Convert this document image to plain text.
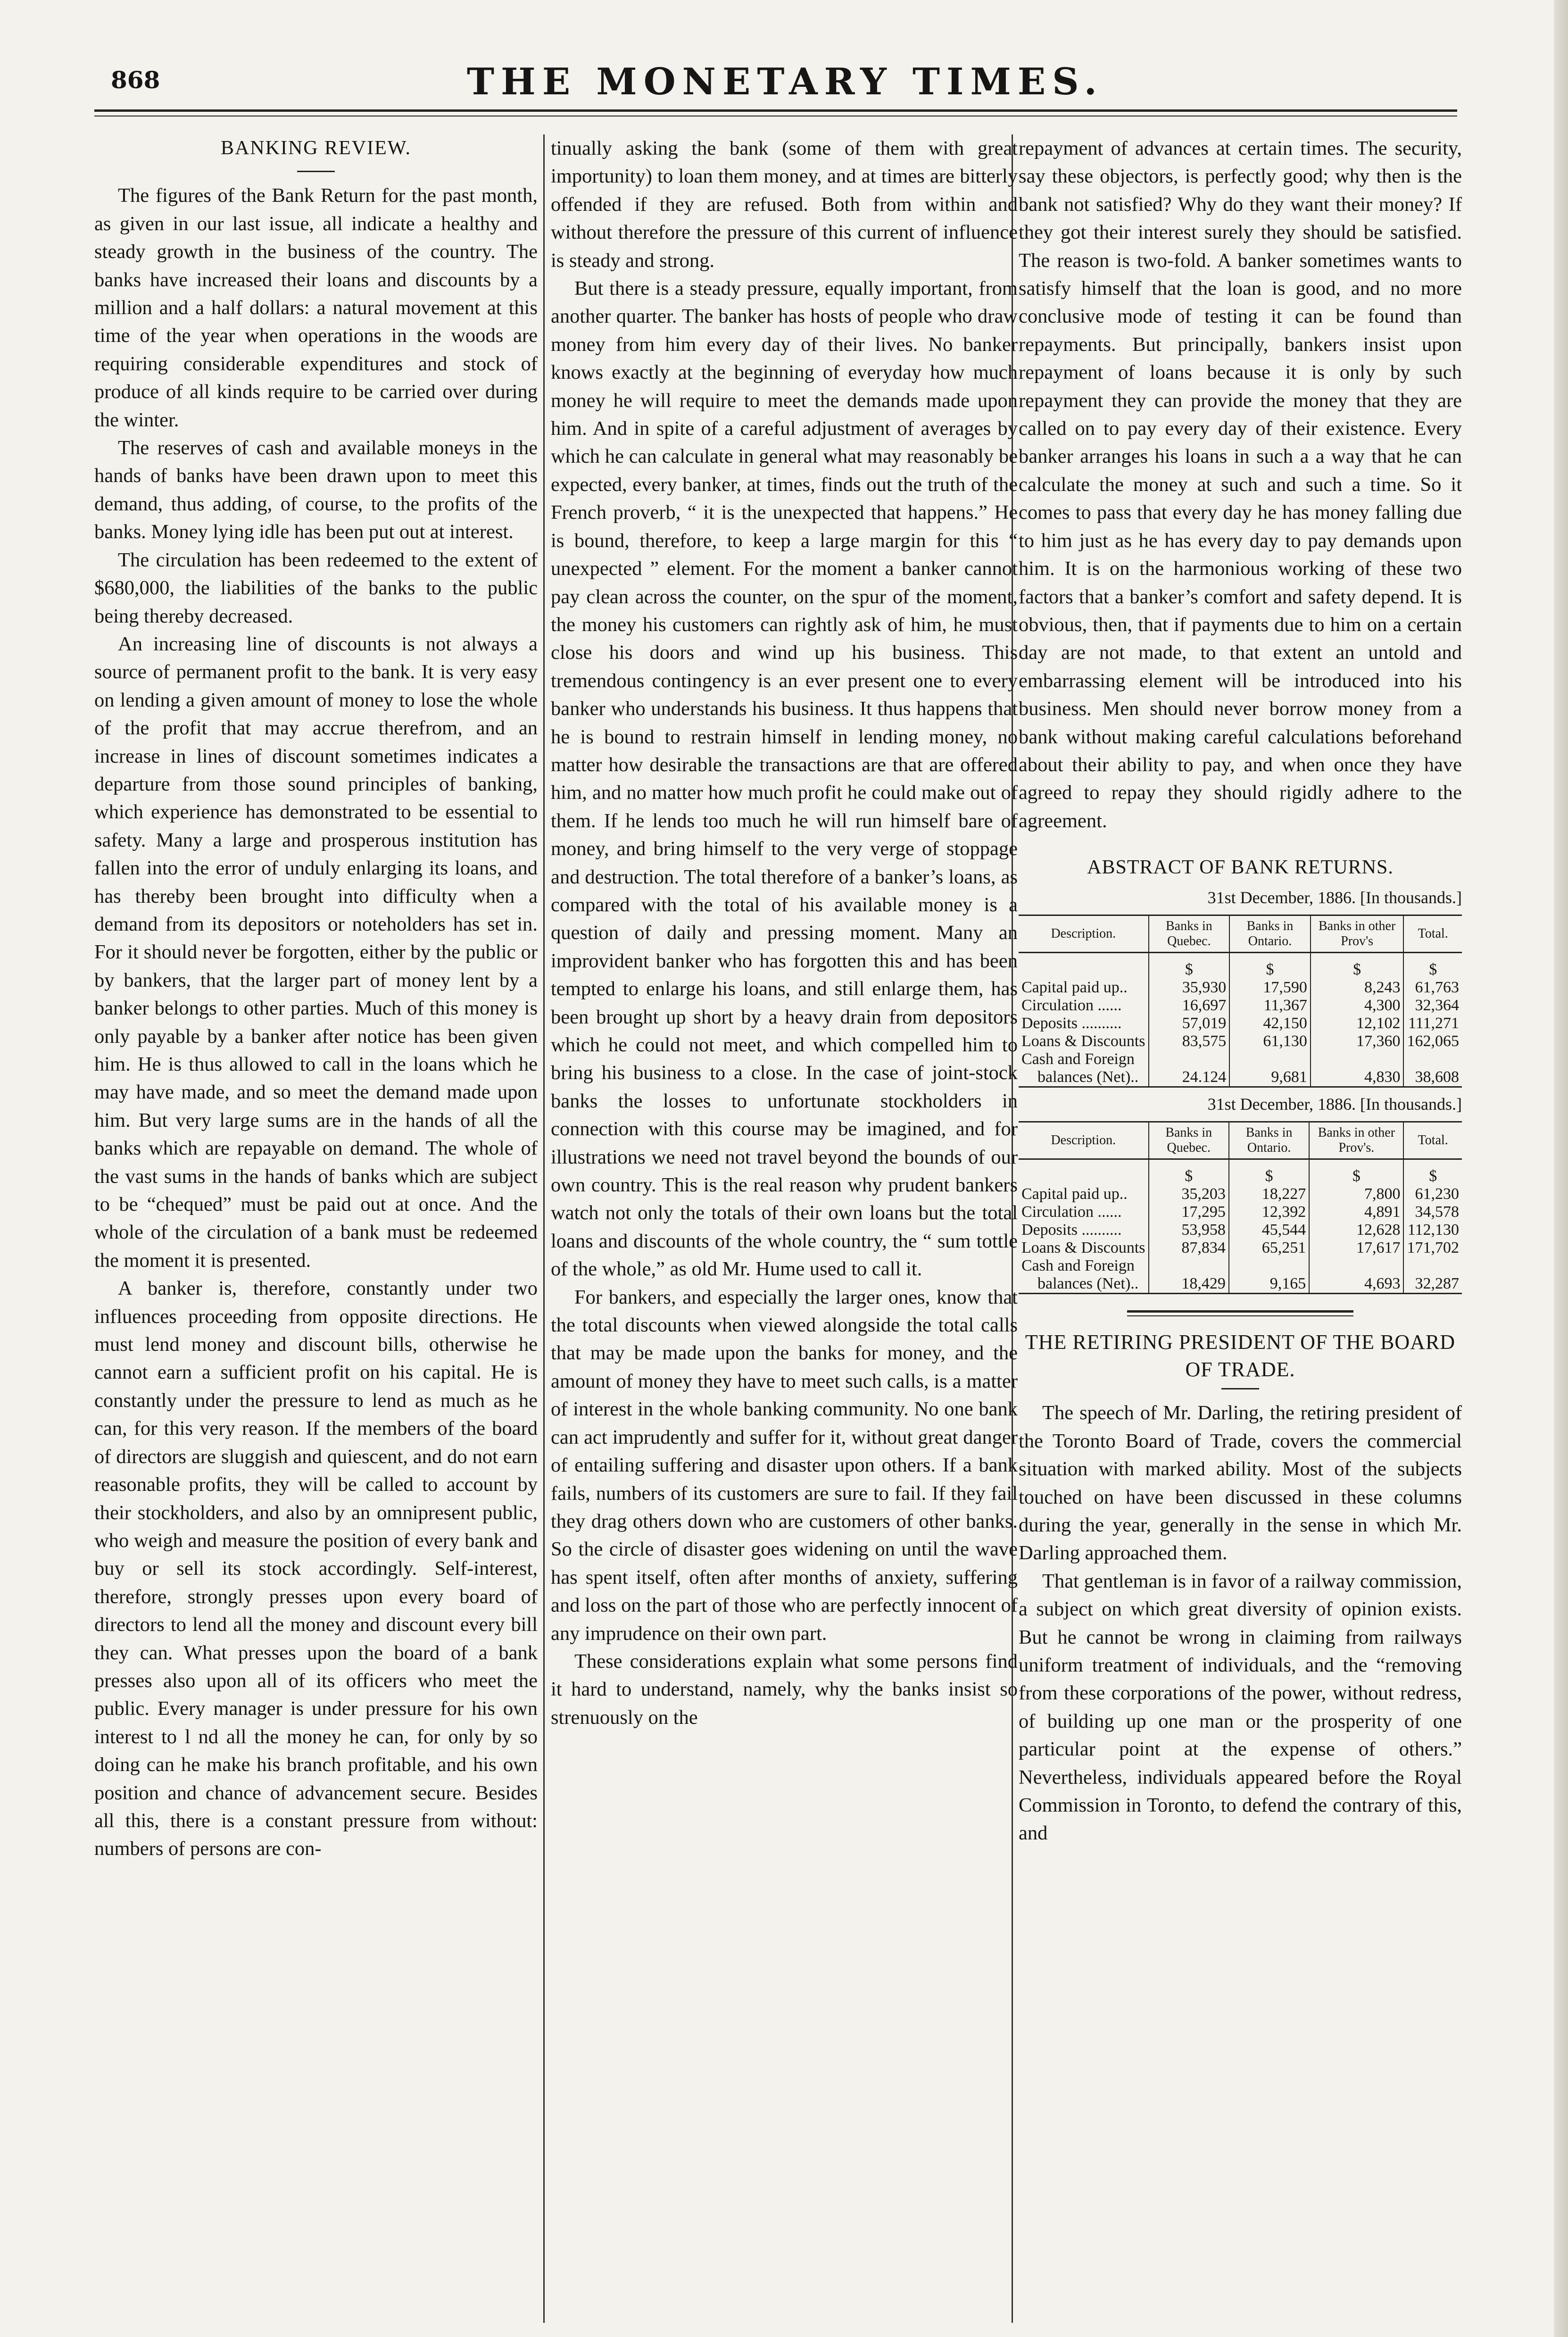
868	THE MONETARY TIMES.
BANKING REVIEW.

The figures of the Bank Return for the past month, as given in our last issue, all indicate a healthy and steady growth in the business of the country. The banks have increased their loans and discounts by a million and a half dollars: a natural movement at this time of the year when operations in the woods are requiring considerable expenditures and stock of produce of all kinds require to be carried over during the winter.

The reserves of cash and available moneys in the hands of banks have been drawn upon to meet this demand, thus adding, of course, to the profits of the banks. Money lying idle has been put out at interest.

The circulation has been redeemed to the extent of $680,000, the liabilities of the banks to the public being thereby decreased.

An increasing line of discounts is not always a source of permanent profit to the bank. It is very easy on lending a given amount of money to lose the whole of the profit that may accrue therefrom, and an increase in lines of discount sometimes indicates a departure from those sound principles of banking, which experience has demonstrated to be essential to safety. Many a large and prosperous institution has fallen into the error of unduly enlarging its loans, and has thereby been brought into difficulty when a demand from its depositors or noteholders has set in. For it should never be forgotten, either by the public or by bankers, that the larger part of money lent by a banker belongs to other parties. Much of this money is only payable by a banker after notice has been given him. He is thus allowed to call in the loans which he may have made, and so meet the demand made upon him. But very large sums are in the hands of all the banks which are repayable on demand. The whole of the vast sums in the hands of banks which are subject to be “chequed” must be paid out at once. And the whole of the circulation of a bank must be redeemed the moment it is presented.

A banker is, therefore, constantly under two influences proceeding from opposite directions. He must lend money and discount bills, otherwise he cannot earn a sufficient profit on his capital. He is constantly under the pressure to lend as much as he can, for this very reason. If the members of the board of directors are sluggish and quiescent, and do not earn reasonable profits, they will be called to account by their stockholders, and also by an omnipresent public, who weigh and measure the position of every bank and buy or sell its stock accordingly. Self-interest, therefore, strongly presses upon every board of directors to lend all the money and discount every bill they can. What presses upon the board of a bank presses also upon all of its officers who meet the public. Every manager is under pressure for his own interest to l nd all the money he can, for only by so doing can he make his branch profitable, and his own position and chance of advancement secure. Besides all this, there is a constant pressure from without: numbers of persons are con-

tinually asking the bank (some of them with great importunity) to loan them money, and at times are bitterly offended if they are refused. Both from within and without therefore the pressure of this current of influence is steady and strong.

But there is a steady pressure, equally important, from another quarter. The banker has hosts of people who draw money from him every day of their lives. No banker knows exactly at the beginning of everyday how much money he will require to meet the demands made upon him. And in spite of a careful adjustment of averages by which he can calculate in general what may reasonably be expected, every banker, at times, finds out the truth of the French proverb, “ it is the unexpected that happens.” He is bound, therefore, to keep a large margin for this “ unexpected ” element. For the moment a banker cannot pay clean across the counter, on the spur of the moment, the money his customers can rightly ask of him, he must close his doors and wind up his business. This tremendous contingency is an ever present one to every banker who understands his business. It thus happens that he is bound to restrain himself in lending money, no matter how desirable the transactions are that are offered him, and no matter how much profit he could make out of them. If he lends too much he will run himself bare of money, and bring himself to the very verge of stoppage and destruction. The total therefore of a banker’s loans, as compared with the total of his available money is a question of daily and pressing moment. Many an improvident banker who has forgotten this and has been tempted to enlarge his loans, and still enlarge them, has been brought up short by a heavy drain from depositors which he could not meet, and which compelled him to bring his business to a close. In the case of joint-stock banks the losses to unfortunate stockholders in connection with this course may be imagined, and for illustrations we need not travel beyond the bounds of our own country. This is the real reason why prudent bankers watch not only the totals of their own loans but the total loans and discounts of the whole country, the “ sum tottle of the whole,” as old Mr. Hume used to call it.

For bankers, and especially the larger ones, know that the total discounts when viewed alongside the total calls that may be made upon the banks for money, and the amount of money they have to meet such calls, is a matter of interest in the whole banking community. No one bank can act imprudently and suffer for it, without great danger of entailing suffering and disaster upon others. If a bank fails, numbers of its customers are sure to fail. If they fail they drag others down who are customers of other banks. So the circle of disaster goes widening on until the wave has spent itself, often after months of anxiety, suffering and loss on the part of those who are perfectly innocent of any imprudence on their own part.

These considerations explain what some persons find it hard to understand, namely, why the banks insist so strenuously on the

repayment of advances at certain times. The security, say these objectors, is perfectly good; why then is the bank not satisfied? Why do they want their money? If they got their interest surely they should be satisfied. The reason is two-fold. A banker sometimes wants to satisfy himself that the loan is good, and no more conclusive mode of testing it can be found than repayments. But principally, bankers insist upon repayment of loans because it is only by such repayment they can provide the money that they are called on to pay every day of their existence. Every banker arranges his loans in such a a way that he can calculate the money at such and such a time. So it comes to pass that every day he has money falling due to him just as he has every day to pay demands upon him. It is on the harmonious working of these two factors that a banker’s comfort and safety depend. It is obvious, then, that if payments due to him on a certain day are not made, to that extent an untold and embarrassing element will be introduced into his business. Men should never borrow money from a bank without making careful calculations beforehand about their ability to pay, and when once they have agreed to repay they should rigidly adhere to the agreement.

ABSTRACT OF BANK RETURNS.
31st December, 1886. [In thousands.]
Description.	Banks in Quebec.	Banks in Ontario.	Banks in other Prov's	Total.
	$	$	$	$
Capital paid up..	35,930	17,590	8,243	61,763
Circulation ......	16,697	11,367	4,300	32,364
Deposits ..........	57,019	42,150	12,102	111,271
Loans & Discounts	83,575	61,130	17,360	162,065
Cash and Foreign				
balances (Net)..	24.124	9,681	4,830	38,608
31st December, 1886. [In thousands.]
Description.	Banks in Quebec.	Banks in Ontario.	Banks in other Prov's.	Total.
	$	$	$	$
Capital paid up..	35,203	18,227	7,800	61,230
Circulation ......	17,295	12,392	4,891	34,578
Deposits ..........	53,958	45,544	12,628	112,130
Loans & Discounts	87,834	65,251	17,617	171,702
Cash and Foreign				
balances (Net)..	18,429	9,165	4,693	32,287
THE RETIRING PRESIDENT OF THE BOARD OF TRADE.

The speech of Mr. Darling, the retiring president of the Toronto Board of Trade, covers the commercial situation with marked ability. Most of the subjects touched on have been discussed in these columns during the year, generally in the sense in which Mr. Darling approached them.

That gentleman is in favor of a railway commission, a subject on which great diversity of opinion exists. But he cannot be wrong in claiming from railways uniform treatment of individuals, and the “removing from these corporations of the power, without redress, of building up one man or the prosperity of one particular point at the expense of others.” Nevertheless, individuals appeared before the Royal Commission in Toronto, to defend the contrary of this, and
